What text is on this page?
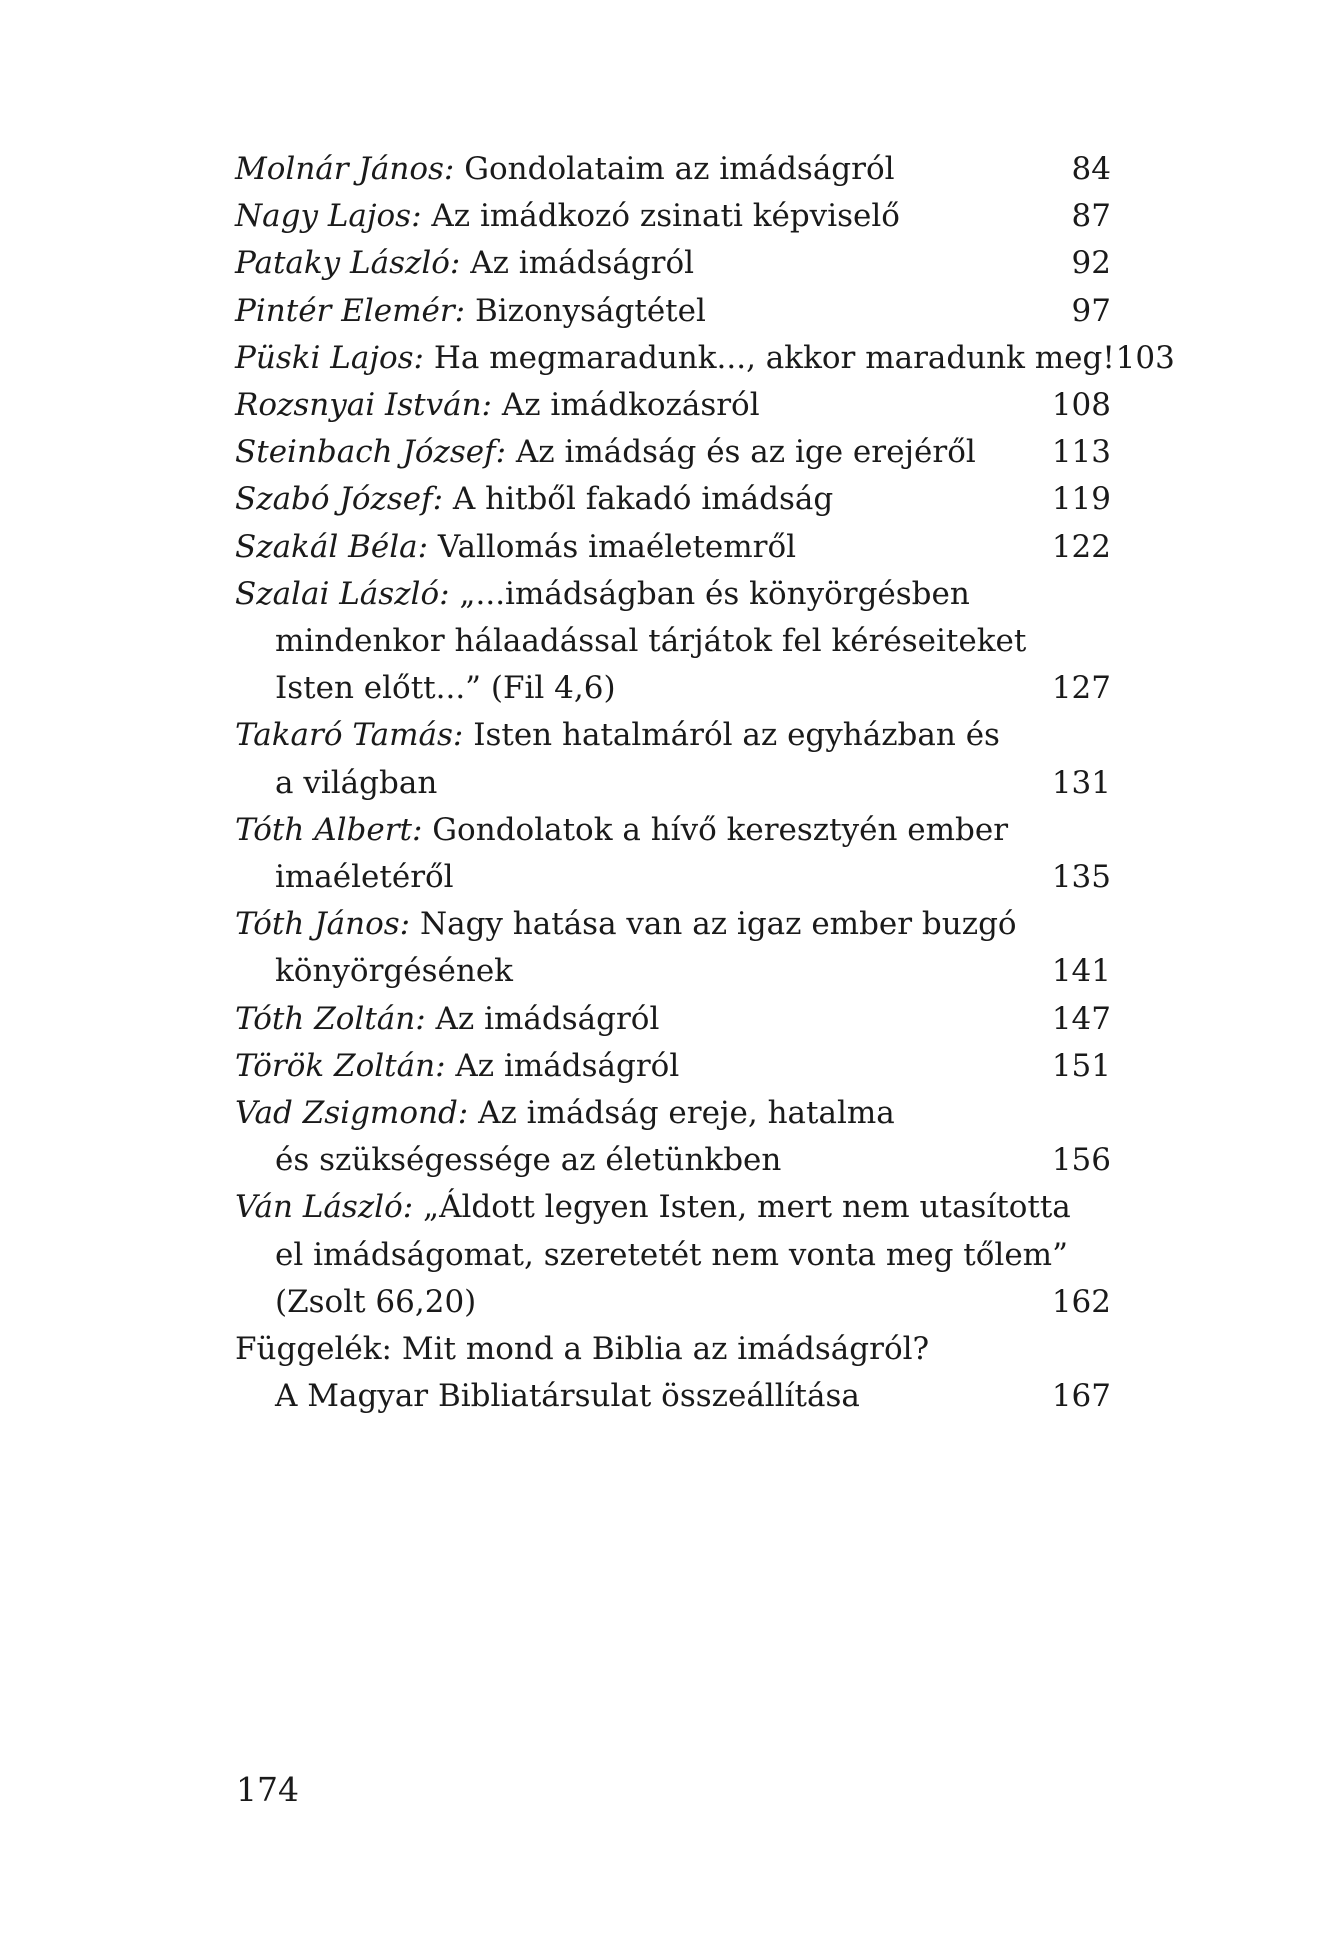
Molnár János: Gondolataim az imádságról	84
Nagy Lajos: Az imádkozó zsinati képviselő	87
Pataky László: Az imádságról	92
Pintér Elemér: Bizonyságtétel	97
Püski Lajos: Ha megmaradunk..., akkor maradunk meg! 103
Rozsnyai István: Az imádkozásról	108
Steinbach József: Az imádság és az ige erejéről 113
Szabó József: A hitből fakadó imádság	119
Szakál Béla: Vallomás imaéletemről	122
Szalai László: „...imádságban és könyörgésben
mindenkor hálaadással tárjátok fel kéréseiteket
Isten előtt...” (Fil 4,6)	127
Takaró Tamás: Isten hatalmáról az egyházban és
a világban	131
Tóth Albert: Gondolatok a hívő keresztyén ember
imaéletéről	135
Tóth János: Nagy hatása van az igaz ember buzgó
könyörgésének	141
Tóth Zoltán: Az imádságról	147
Török Zoltán: Az imádságról	151
Vad Zsigmond: Az imádság ereje, hatalma
és szükségessége az életünkben	156
Ván László: „Áldott legyen Isten, mert nem utasította
el imádságomat, szeretetét nem vonta meg tőlem”
(Zsolt 66,20)	162
Függelék: Mit mond a Biblia az imádságról?
A Magyar Bibliatársulat összeállítása	167
174
